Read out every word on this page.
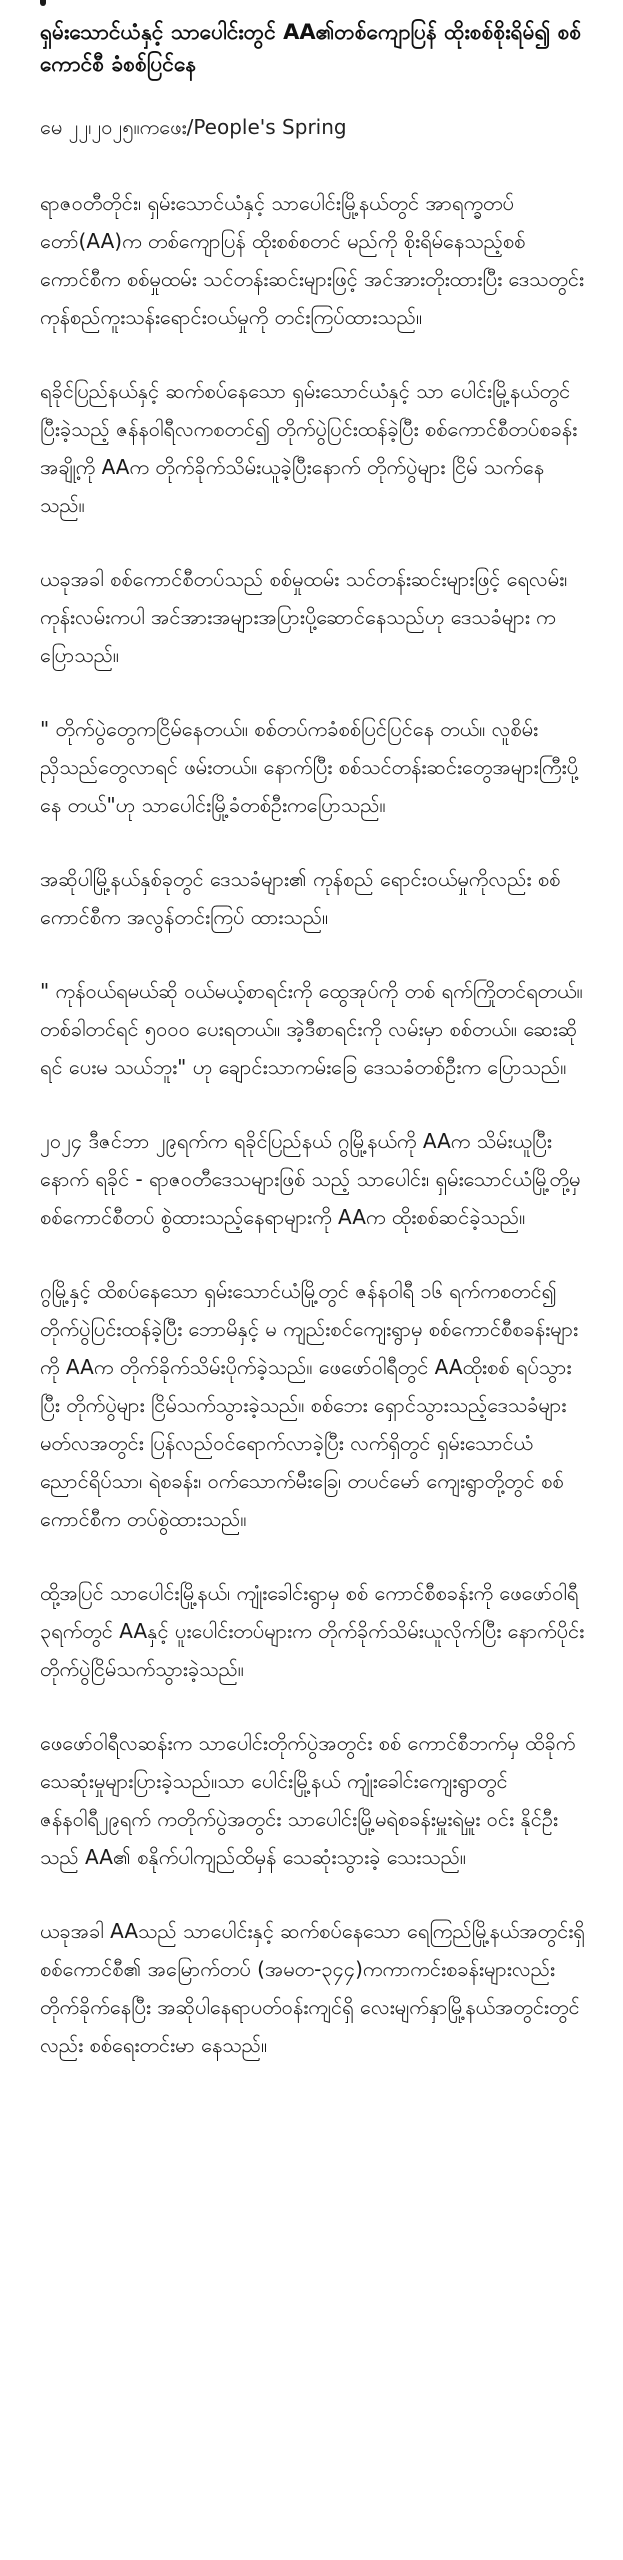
ရှမ်းသောင်ယံနှင့် သာပေါင်းတွင် AA၏တစ်ကျောပြန် ထိုးစစ်စိုးရိမ်၍ စစ်ကောင်စီ ခံစစ်ပြင်နေ

မေ ၂၂၊၂၀၂၅။ကဖေး/People's Spring

ရာဇဝတီတိုင်း၊ ရှမ်းသောင်ယံနှင့် သာပေါင်းမြို့နယ်တွင် အာရက္ခတပ်တော်(AA)က တစ်ကျောပြန် ထိုးစစ်စတင် မည်ကို စိုးရိမ်နေသည့်စစ်ကောင်စီက စစ်မှုထမ်း သင်တန်းဆင်းများဖြင့် အင်အားတိုးထားပြီး ဒေသတွင်း ကုန်စည်ကူးသန်းရောင်းဝယ်မှုကို တင်းကြပ်ထားသည်။

ရခိုင်ပြည်နယ်နှင့် ဆက်စပ်နေသော ရှမ်းသောင်ယံနှင့် သာ ပေါင်းမြို့နယ်တွင် ပြီးခဲ့သည့် ဇန်နဝါရီလကစတင်၍ တိုက်ပွဲပြင်းထန်ခဲ့ပြီး စစ်ကောင်စီတပ်စခန်းအချို့ကို AAက တိုက်ခိုက်သိမ်းယူခဲ့ပြီးနောက် တိုက်ပွဲများ ငြိမ် သက်နေသည်။

ယခုအခါ စစ်ကောင်စီတပ်သည် စစ်မှုထမ်း သင်တန်းဆင်းများဖြင့် ရေလမ်း၊ ကုန်းလမ်းကပါ အင်အားအများအပြားပို့ဆောင်နေသည်ဟု ဒေသခံများ က ပြောသည်။

" တိုက်ပွဲတွေကငြိမ်နေတယ်။ စစ်တပ်ကခံစစ်ပြင်ပြင်နေ တယ်။ လူစိမ်းညှိသည်တွေလာရင် ဖမ်းတယ်။ နောက်ပြီး စစ်သင်တန်းဆင်းတွေအများကြီးပို့နေ တယ်"ဟု သာပေါင်းမြို့ခံတစ်ဦးကပြောသည်။

အဆိုပါမြို့နယ်နှစ်ခုတွင် ဒေသခံများ၏ ကုန်စည် ရောင်းဝယ်မှုကိုလည်း စစ်ကောင်စီက အလွန်တင်းကြပ် ထားသည်။

" ကုန်ဝယ်ရမယ်ဆို ဝယ်မယ့်စာရင်းကို ထွေအုပ်ကို တစ် ရက်ကြိုတင်ရတယ်။ တစ်ခါတင်ရင် ၅၀၀၀ ပေးရတယ်။ အဲ့ဒီစာရင်းကို လမ်းမှာ စစ်တယ်။ ဆေးဆိုရင် ပေးမ သယ်ဘူး" ဟု ချောင်းသာကမ်းခြေ ဒေသခံတစ်ဦးက ပြောသည်။

၂၀၂၄ ဒီဇင်ဘာ ၂၉ရက်က ရခိုင်ပြည်နယ် ဂွမြို့နယ်ကို AAက သိမ်းယူပြီးနောက် ရခိုင် - ရာဇဝတီဒေသများဖြစ် သည့် သာပေါင်း၊ ရှမ်းသောင်ယံမြို့တို့မှ စစ်ကောင်စီတပ် စွဲထားသည့်နေရာများကို AAက ထိုးစစ်ဆင်ခဲ့သည်။

ဂွမြို့နှင့် ထိစပ်နေသော ရှမ်းသောင်ယံမြို့တွင် ဇန်နဝါရီ ၁၆ ရက်ကစတင်၍ တိုက်ပွဲပြင်းထန်ခဲ့ပြီး ဘောမိနှင့် မ ကျည်းစင်ကျေးရွာမှ စစ်ကောင်စီစခန်းများကို AAက တိုက်ခိုက်သိမ်းပိုက်ခဲ့သည်။ ဖေဖော်ဝါရီတွင် AAထိုးစစ် ရပ်သွားပြီး တိုက်ပွဲများ ငြိမ်သက်သွားခဲ့သည်။ စစ်ဘေး ရှောင်သွားသည့်ဒေသခံများ မတ်လအတွင်း ပြန်လည်ဝင်ရောက်လာခဲ့ပြီး လက်ရှိတွင် ရှမ်းသောင်ယံ ညောင်ရိပ်သာ၊ ရဲစခန်း၊ ဝက်သောက်မီးခြေ၊ တပင်မော် ကျေးရွာတို့တွင် စစ်ကောင်စီက တပ်စွဲထားသည်။

ထို့အပြင် သာပေါင်းမြို့နယ်၊ ကျုံးခေါင်းရွာမှ စစ် ကောင်စီစခန်းကို ဖေဖော်ဝါရီ ၃ရက်တွင် AAနှင့် ပူးပေါင်းတပ်များက တိုက်ခိုက်သိမ်းယူလိုက်ပြီး နောက်ပိုင်း တိုက်ပွဲငြိမ်သက်သွားခဲ့သည်။

ဖေဖော်ဝါရီလဆန်းက သာပေါင်းတိုက်ပွဲအတွင်း စစ် ကောင်စီဘက်မှ ထိခိုက်သေဆုံးမှုများပြားခဲ့သည်။သာ ပေါင်းမြို့နယ် ကျုံးခေါင်းကျေးရွာတွင် ဇန်နဝါရီ၂၉ရက် ကတိုက်ပွဲအတွင်း သာပေါင်းမြို့မရဲစခန်းမှူးရဲမှူး ဝင်း နိုင်ဦးသည် AA၏ စနိုက်ပါကျည်ထိမှန် သေဆုံးသွားခဲ့ သေးသည်။

ယခုအခါ AAသည် သာပေါင်းနှင့် ဆက်စပ်နေသော ရေကြည်မြို့နယ်အတွင်းရှိ စစ်ကောင်စီ၏ အမြောက်တပ် (အမတ-၃၄၄)ကကာကင်းစခန်းများလည်း တိုက်ခိုက်နေပြီး အဆိုပါနေရာပတ်ဝန်းကျင်ရှိ လေးမျက်နှာမြို့နယ်အတွင်းတွင်လည်း စစ်ရေးတင်းမာ နေသည်။
